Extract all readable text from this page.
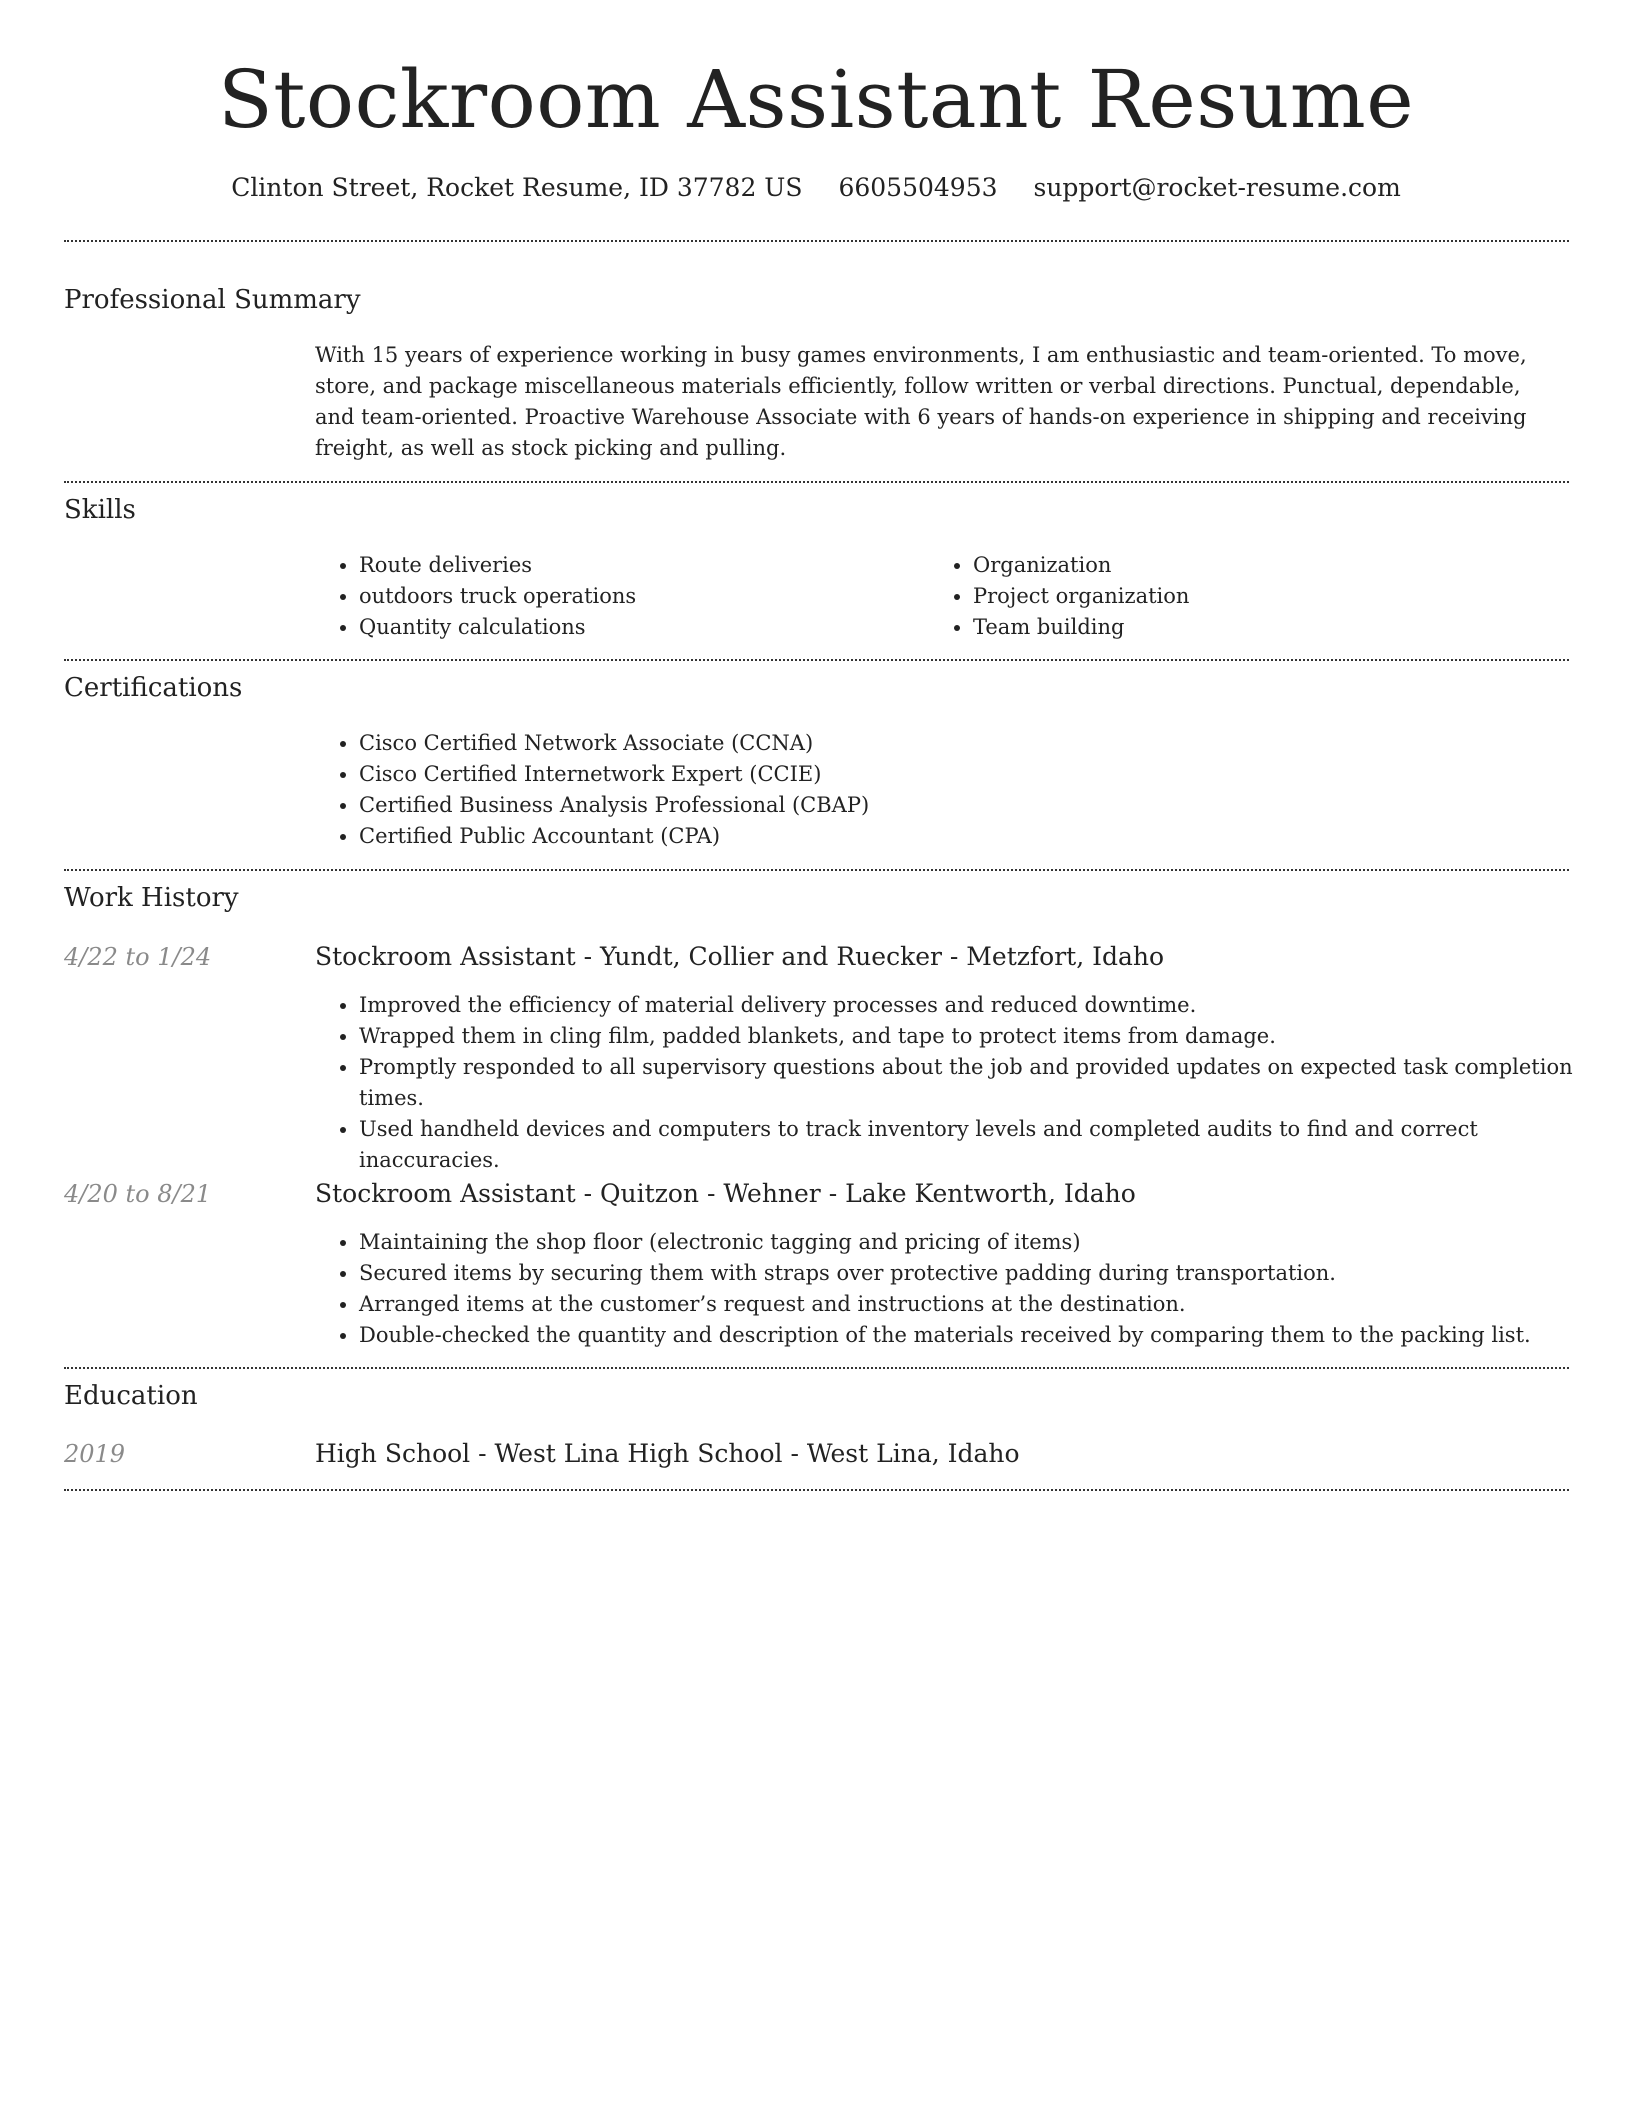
Stockroom Assistant Resume
Clinton Street, Rocket Resume, ID 37782 US 6605504953 support@rocket-resume.com
Professional Summary
With 15 years of experience working in busy games environments, I am enthusiastic and team-oriented. To move, store, and package miscellaneous materials efficiently, follow written or verbal directions. Punctual, dependable, and team-oriented. Proactive Warehouse Associate with 6 years of hands-on experience in shipping and receiving freight, as well as stock picking and pulling.
Skills
• Route deliveries
• outdoors truck operations
• Quantity calculations
• Organization
• Project organization
• Team building
Certifications
• Cisco Certified Network Associate (CCNA)
• Cisco Certified Internetwork Expert (CCIE)
• Certified Business Analysis Professional (CBAP)
• Certified Public Accountant (CPA)
Work History
4/22 to 1/24	Stockroom Assistant - Yundt, Collier and Ruecker - Metzfort, Idaho
• Improved the efficiency of material delivery processes and reduced downtime.
• Wrapped them in cling film, padded blankets, and tape to protect items from damage.
• Promptly responded to all supervisory questions about the job and provided updates on expected task completion times.
• Used handheld devices and computers to track inventory levels and completed audits to find and correct inaccuracies.
4/20 to 8/21	Stockroom Assistant - Quitzon - Wehner - Lake Kentworth, Idaho
• Maintaining the shop floor (electronic tagging and pricing of items)
• Secured items by securing them with straps over protective padding during transportation.
• Arranged items at the customer’s request and instructions at the destination.
• Double-checked the quantity and description of the materials received by comparing them to the packing list.
Education
2019	High School - West Lina High School - West Lina, Idaho
